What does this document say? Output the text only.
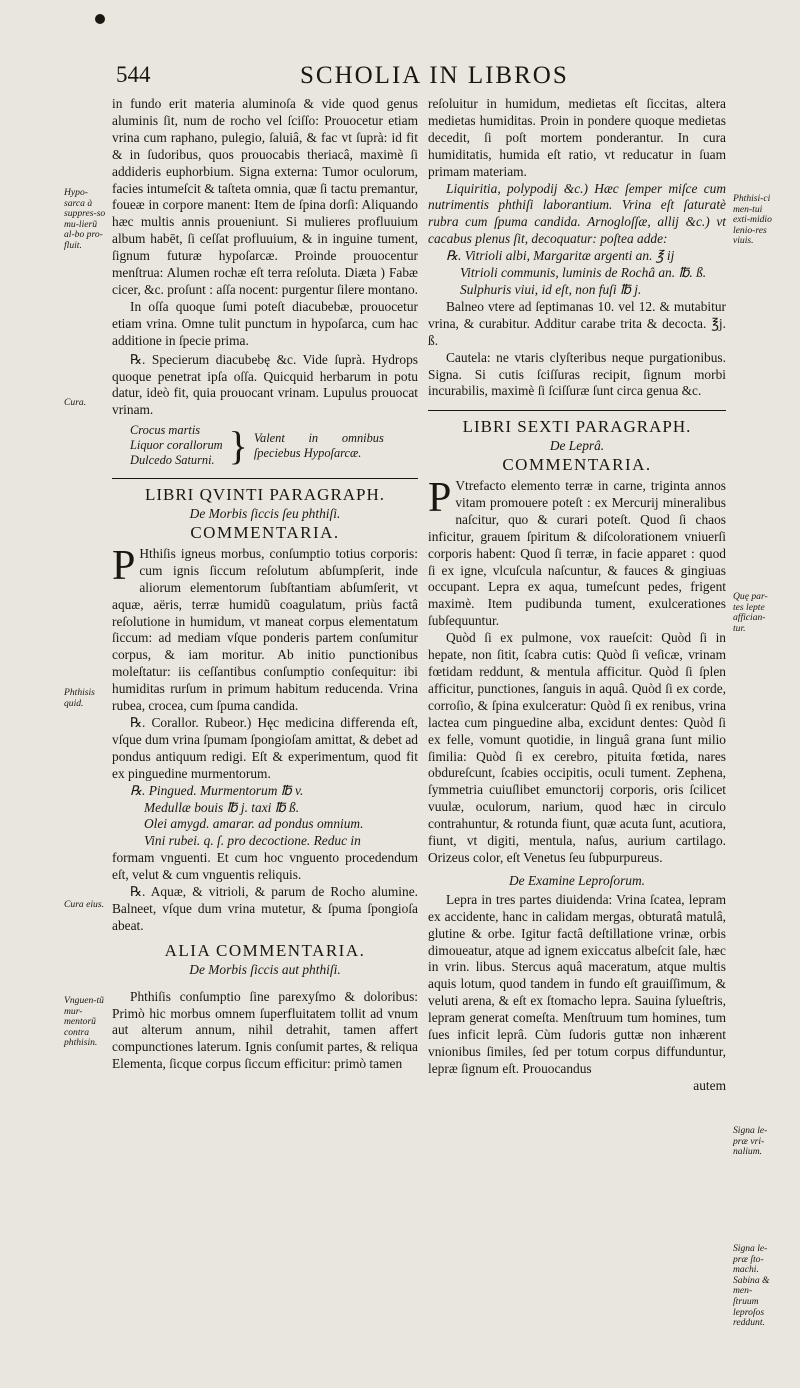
544	SCHOLIA IN LIBROS
Hypo-sarca à suppres-so mu-lierũ al-bo pro-fluit.
Cura.
Phthisis quid.
Cura eius.
Vnguen-tũ mur-mentorũ contra phthisin.
Phthisi-ci men-tui exti-midio lenio-res viuis.
Quę par-tes lepte affician-tur.
Signa le-præ vri-nalium.
Signa le-præ ſto-machi. Sabina & men-ſtruum leproſos reddunt.

in fundo erit materia aluminoſa & vide quod genus aluminis ſit, num de rocho vel ſciſſo: Prouocetur etiam vrina cum raphano, pulegio, ſaluiâ, & fac vt ſuprà: id fit & in ſudoribus, quos prouocabis theriacâ, maximè ſi addideris euphorbium. Signa externa: Tumor oculorum, facies intumeſcit & taſteta omnia, quæ ſi tactu premantur, foueæ in corpore manent: Item de ſpina dorſi: Aliquando hæc multis annis proueniunt. Si mulieres profluuium album habēt, ſi ceſſat profluuium, & in inguine tument, ſignum futuræ hypoſarcæ. Proinde prouocentur menſtrua: Alumen rochæ eſt terra reſoluta. Diæta ) Fabæ cicer, &c. proſunt : aſſa nocent: purgentur ſilere montano.

In oſſa quoque ſumi poteſt diacubebæ, prouocetur etiam vrina. Omne tulit punctum in hypoſarca, cum hac additione in ſpecie prima.

℞. Specierum diacubebę &c. Vide ſuprà. Hydrops quoque penetrat ipſa oſſa. Quicquid herbarum in potu datur, ideò fit, quia prouocant vrinam. Lupulus prouocat vrinam.

Crocus martis
Liquor corallorum
Dulcedo Saturni. } Valent in omnibus ſpeciebus Hypoſarcæ.
LIBRI QVINTI PARAGRAPH.
De Morbis ſiccis ſeu phthiſi.
COMMENTARIA.

P Hthiſis igneus morbus, conſumptio totius corporis: cum ignis ſiccum reſolutum abſumpſerit, inde aliorum elementorum ſubſtantiam abſumſerit, vt aquæ, aëris, terræ humidũ coagulatum, priùs factâ reſolutione in humidum, vt maneat corpus elementatum ſiccum: ad mediam vſque ponderis partem conſumitur corpus, & iam moritur. Ab initio punctionibus moleſtatur: iis ceſſantibus conſumptio conſequitur: ibi humiditas rurſum in primum habitum reducenda. Vrina rubea, crocea, cum ſpuma candida.

℞. Corallor. Rubeor.) Hęc medicina differenda eſt, vſque dum vrina ſpumam ſpongioſam amittat, & debet ad pondus antiquum redigi. Eſt & experimentum, quod fit ex pinguedine murmentorum.

℞. Pingued. Murmentorum ℔ v.
Medullæ bouis ℔ j. taxi ℔ ß.
Olei amygd. amarar. ad pondus omnium.
Vini rubei. q. ſ. pro decoctione. Reduc in

formam vnguenti. Et cum hoc vnguento procedendum eſt, velut & cum vnguentis reliquis.

℞. Aquæ, & vitrioli, & parum de Rocho alumine. Balneet, vſque dum vrina mutetur, & ſpuma ſpongioſa abeat.

ALIA COMMENTARIA.
De Morbis ſiccis aut phthiſi.

Phthiſis conſumptio ſine parexyſmo & doloribus: Primò hic morbus omnem ſuperfluitatem tollit ad vnum aut alterum annum, nihil detrahit, tamen affert compunctiones laterum. Ignis conſumit partes, & reliqua Elementa, ſicque corpus ſiccum efficitur: primò tamen

reſoluitur in humidum, medietas eſt ſiccitas, altera medietas humiditas. Proin in pondere quoque medietas decedit, ſi poſt mortem ponderantur. In cura humiditatis, humida eſt ratio, vt reducatur in ſuam primam materiam.

Liquiritia, polypodij &c.) Hæc ſemper miſce cum nutrimentis phthiſi laborantium. Vrina eſt ſaturatè rubra cum ſpuma candida. Arnogloſſæ, allij &c.) vt cacabus plenus ſit, decoquatur: poſtea adde:

℞. Vitrioli albi, Margaritæ argenti an. ℥ ij
Vitrioli communis, luminis de Rochâ an. ℔. ß.
Sulphuris viui, id eſt, non fuſi ℔ j.

Balneo vtere ad ſeptimanas 10. vel 12. & mutabitur vrina, & curabitur. Additur carabe trita & decocta. ℥j. ß.

Cautela: ne vtaris clyſteribus neque purgationibus. Signa. Si cutis ſciſſuras recipit, ſignum morbi incurabilis, maximè ſi ſciſſuræ ſunt circa genua &c.

LIBRI SEXTI PARAGRAPH.
De Leprâ.
COMMENTARIA.

P Vtrefacto elemento terræ in carne, triginta annos vitam promouere poteſt : ex Mercurij mineralibus naſcitur, quo & curari poteſt. Quod ſi chaos inficitur, grauem ſpiritum & diſcolorationem vniuerſi corporis habent: Quod ſi terræ, in facie apparet : quod ſi ex igne, vlcuſcula naſcuntur, & fauces & gingiuas occupant. Lepra ex aqua, tumeſcunt pedes, frigent maximè. Item pudibunda tument, exulcerationes ſubſequuntur.

Quòd ſi ex pulmone, vox raueſcit: Quòd ſi in hepate, non ſitit, ſcabra cutis: Quòd ſi veſicæ, vrinam fœtidam reddunt, & mentula afficitur. Quòd ſi ſplen afficitur, punctiones, ſanguis in aquâ. Quòd ſi ex corde, corroſio, & ſpina exulceratur: Quòd ſi ex renibus, vrina lactea cum pinguedine alba, excidunt dentes: Quòd ſi ex felle, vomunt quotidie, in linguâ grana ſunt milio ſimilia: Quòd ſi ex cerebro, pituita fœtida, nares obdureſcunt, ſcabies occipitis, oculi tument. Zephena, ſymmetria cuiuſlibet emunctorij corporis, oris ſcilicet vuulæ, oculorum, narium, quod hæc in circulo contrahuntur, & rotunda fiunt, quæ acuta ſunt, acutiora, fiunt, vt digiti, mentula, naſus, aurium cartilago. Orizeus color, eſt Venetus ſeu ſubpurpureus.

De Examine Leproſorum.

Lepra in tres partes diuidenda: Vrina ſcatea, lepram ex accidente, hanc in calidam mergas, obturatâ matulâ, glutine & orbe. Igitur factâ deſtillatione vrinæ, orbis dimoueatur, atque ad ignem exiccatus albeſcit ſale, hæc in vrin. libus. Stercus aquâ maceratum, atque multis aquis lotum, quod tandem in fundo eſt grauiſſimum, & veluti arena, & eſt ex ſtomacho lepra. Sauina ſylueſtris, lepram generat comeſta. Menſtruum tum homines, tum ſues inficit leprâ. Cùm ſudoris guttæ non inhærent vnionibus ſimiles, ſed per totum corpus diffunduntur, lepræ ſignum eſt. Prouocandus

autem
